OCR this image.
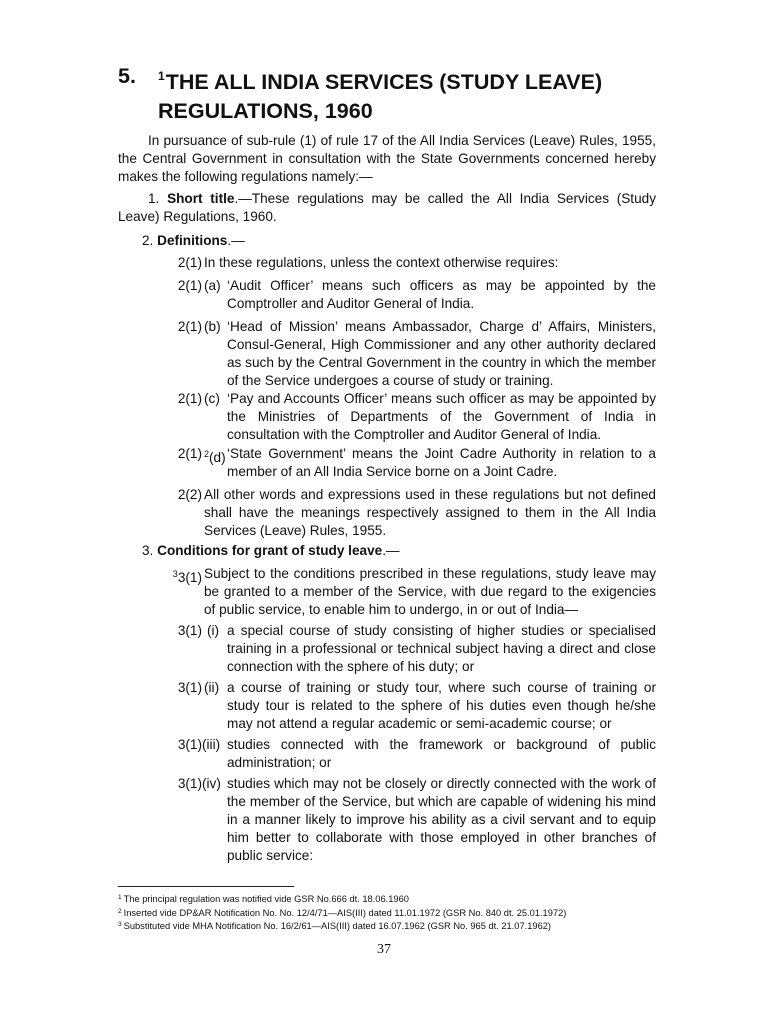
5. $^1$THE ALL INDIA SERVICES (STUDY LEAVE) REGULATIONS, 1960

In pursuance of sub-rule (1) of rule 17 of the All India Services (Leave) Rules, 1955, the Central Government in consultation with the State Governments concerned hereby makes the following regulations namely:—

1. Short title.—These regulations may be called the All India Services (Study Leave) Regulations, 1960.

2. Definitions.—
2(1) In these regulations, unless the context otherwise requires:
2(1) (a) ‘Audit Officer’ means such officers as may be appointed by the Comptroller and Auditor General of India.
2(1) (b) ‘Head of Mission’ means Ambassador, Charge d’ Affairs, Ministers, Consul-General, High Commissioner and any other authority declared as such by the Central Government in the country in which the member of the Service undergoes a course of study or training.
2(1) (c) ‘Pay and Accounts Officer’ means such officer as may be appointed by the Ministries of Departments of the Government of India in consultation with the Comptroller and Auditor General of India.
2(1) $^2$(d) ‘State Government’ means the Joint Cadre Authority in relation to a member of an All India Service borne on a Joint Cadre.
2(2) All other words and expressions used in these regulations but not defined shall have the meanings respectively assigned to them in the All India Services (Leave) Rules, 1955.
3. Conditions for grant of study leave.—
$^3$3(1) Subject to the conditions prescribed in these regulations, study leave may be granted to a member of the Service, with due regard to the exigencies of public service, to enable him to undergo, in or out of India—
3(1) (i) a special course of study consisting of higher studies or specialised training in a professional or technical subject having a direct and close connection with the sphere of his duty; or
3(1) (ii) a course of training or study tour, where such course of training or study tour is related to the sphere of his duties even though he/she may not attend a regular academic or semi-academic course; or
3(1) (iii) studies connected with the framework or background of public administration; or
3(1) (iv) studies which may not be closely or directly connected with the work of the member of the Service, but which are capable of widening his mind in a manner likely to improve his ability as a civil servant and to equip him better to collaborate with those employed in other branches of public service:
$^1$ The principal regulation was notified vide GSR No.666 dt. 18.06.1960
$^2$ Inserted vide DP&AR Notification No. No. 12/4/71—AIS(III) dated 11.01.1972 (GSR No. 840 dt. 25.01.1972)
$^3$ Substituted vide MHA Notification No. 16/2/61—AIS(III) dated 16.07.1962 (GSR No. 965 dt. 21.07.1962)
37
